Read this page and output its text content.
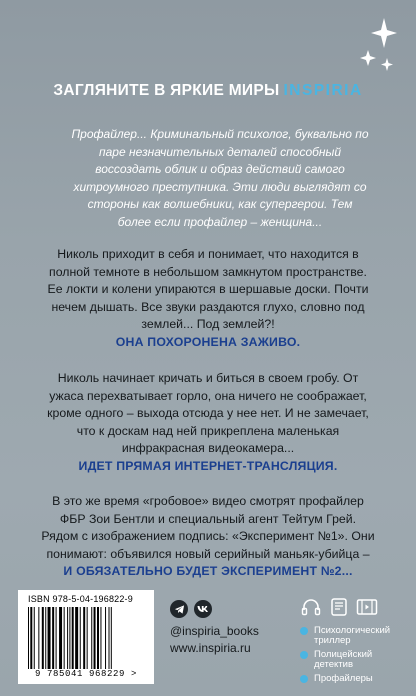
ЗАГЛЯНИТЕ В ЯРКИЕ МИРЫ INSPIRIA
Профайлер... Криминальный психолог, буквально по паре незначительных деталей способный воссоздать облик и образ действий самого хитроумного преступника. Эти люди выглядят со стороны как волшебники, как супергерои. Тем более если профайлер – женщина...
Николь приходит в себя и понимает, что находится в полной темноте в небольшом замкнутом пространстве. Ее локти и колени упираются в шершавые доски. Почти нечем дышать. Все звуки раздаются глухо, словно под землей... Под землей?!
ОНА ПОХОРОНЕНА ЗАЖИВО.
Николь начинает кричать и биться в своем гробу. От ужаса перехватывает горло, она ничего не соображает, кроме одного – выхода отсюда у нее нет. И не замечает, что к доскам над ней прикреплена маленькая инфракрасная видеокамера...
ИДЕТ ПРЯМАЯ ИНТЕРНЕТ-ТРАНСЛЯЦИЯ.
В это же время «гробовое» видео смотрят профайлер ФБР Зои Бентли и специальный агент Тейтум Грей. Рядом с изображением подпись: «Эксперимент №1». Они понимают: объявился новый серийный маньяк-убийца –
И ОБЯЗАТЕЛЬНО БУДЕТ ЭКСПЕРИМЕНТ №2...
ISBN 978-5-04-196822-9
9 785041 968229 >
@inspiria_books
www.inspiria.ru
Психологический триллер
Полицейский детектив
Профайлеры
